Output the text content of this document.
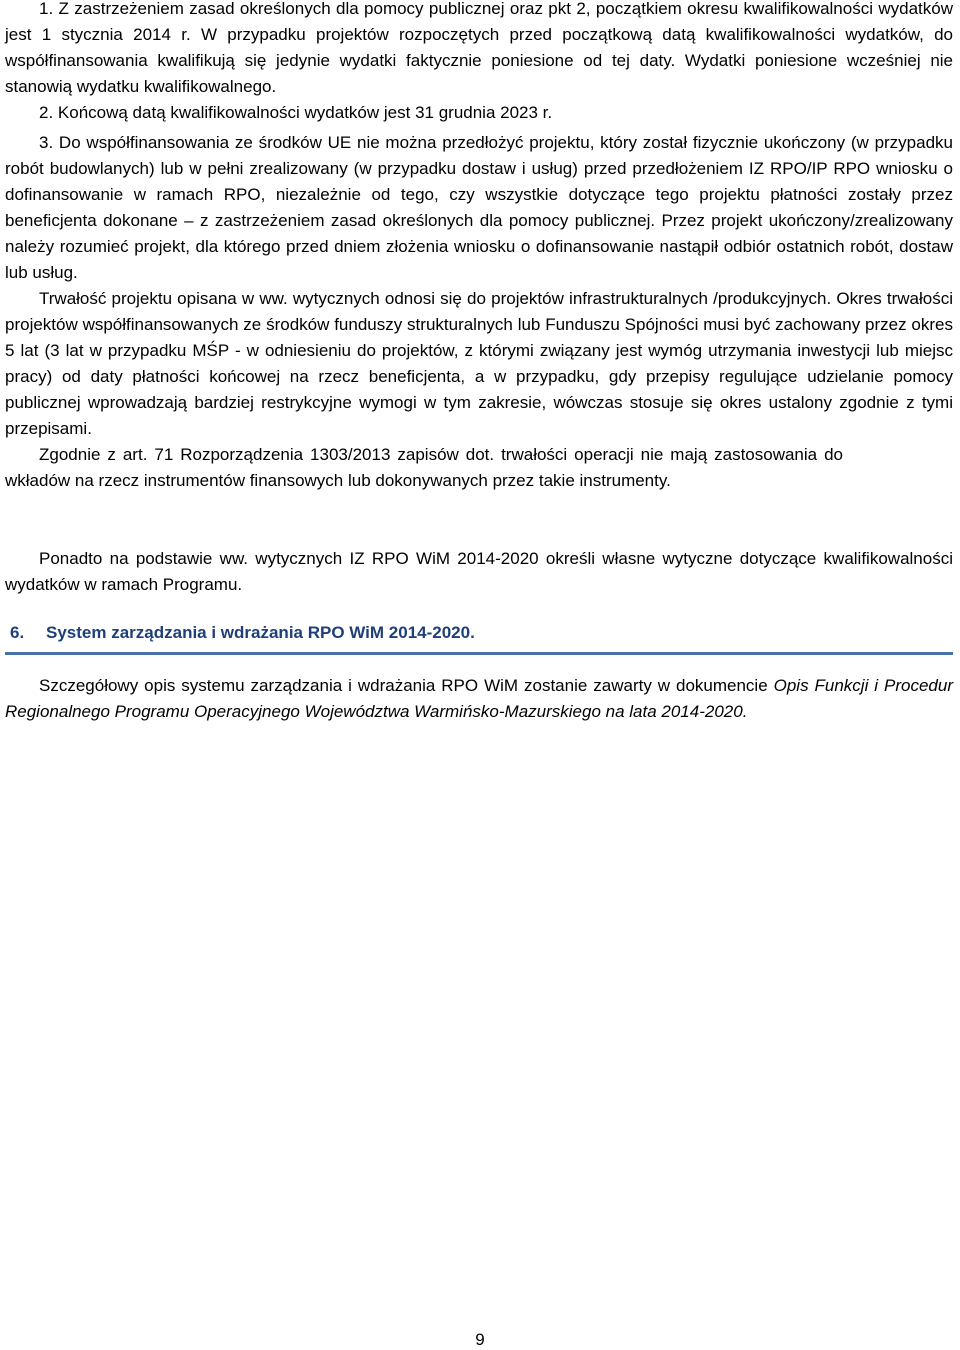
1. Z zastrzeżeniem zasad określonych dla pomocy publicznej oraz pkt 2, początkiem okresu kwalifikowalności wydatków jest 1 stycznia 2014 r. W przypadku projektów rozpoczętych przed początkową datą kwalifikowalności wydatków, do współfinansowania kwalifikują się jedynie wydatki faktycznie poniesione od tej daty. Wydatki poniesione wcześniej nie stanowią wydatku kwalifikowalnego.

2. Końcową datą kwalifikowalności wydatków jest 31 grudnia 2023 r.

3. Do współfinansowania ze środków UE nie można przedłożyć projektu, który został fizycznie ukończony (w przypadku robót budowlanych) lub w pełni zrealizowany (w przypadku dostaw i usług) przed przedłożeniem IZ RPO/IP RPO wniosku o dofinansowanie w ramach RPO, niezależnie od tego, czy wszystkie dotyczące tego projektu płatności zostały przez beneficjenta dokonane – z zastrzeżeniem zasad określonych dla pomocy publicznej. Przez projekt ukończony/zrealizowany należy rozumieć projekt, dla którego przed dniem złożenia wniosku o dofinansowanie nastąpił odbiór ostatnich robót, dostaw lub usług.

Trwałość projektu opisana w ww. wytycznych odnosi się do projektów infrastrukturalnych /produkcyjnych. Okres trwałości projektów współfinansowanych ze środków funduszy strukturalnych lub Funduszu Spójności musi być zachowany przez okres 5 lat (3 lat w przypadku MŚP - w odniesieniu do projektów, z którymi związany jest wymóg utrzymania inwestycji lub miejsc pracy) od daty płatności końcowej na rzecz beneficjenta, a w przypadku, gdy przepisy regulujące udzielanie pomocy publicznej wprowadzają bardziej restrykcyjne wymogi w tym zakresie, wówczas stosuje się okres ustalony zgodnie z tymi przepisami.

Zgodnie z art. 71 Rozporządzenia 1303/2013 zapisów dot. trwałości operacji nie mają zastosowania do wkładów na rzecz instrumentów finansowych lub dokonywanych przez takie instrumenty.

Ponadto na podstawie ww. wytycznych IZ RPO WiM 2014-2020 określi własne wytyczne dotyczące kwalifikowalności wydatków w ramach Programu.

6. System zarządzania i wdrażania RPO WiM 2014-2020.

Szczegółowy opis systemu zarządzania i wdrażania RPO WiM zostanie zawarty w dokumencie Opis Funkcji i Procedur Regionalnego Programu Operacyjnego Województwa Warmińsko-Mazurskiego na lata 2014-2020.

9
